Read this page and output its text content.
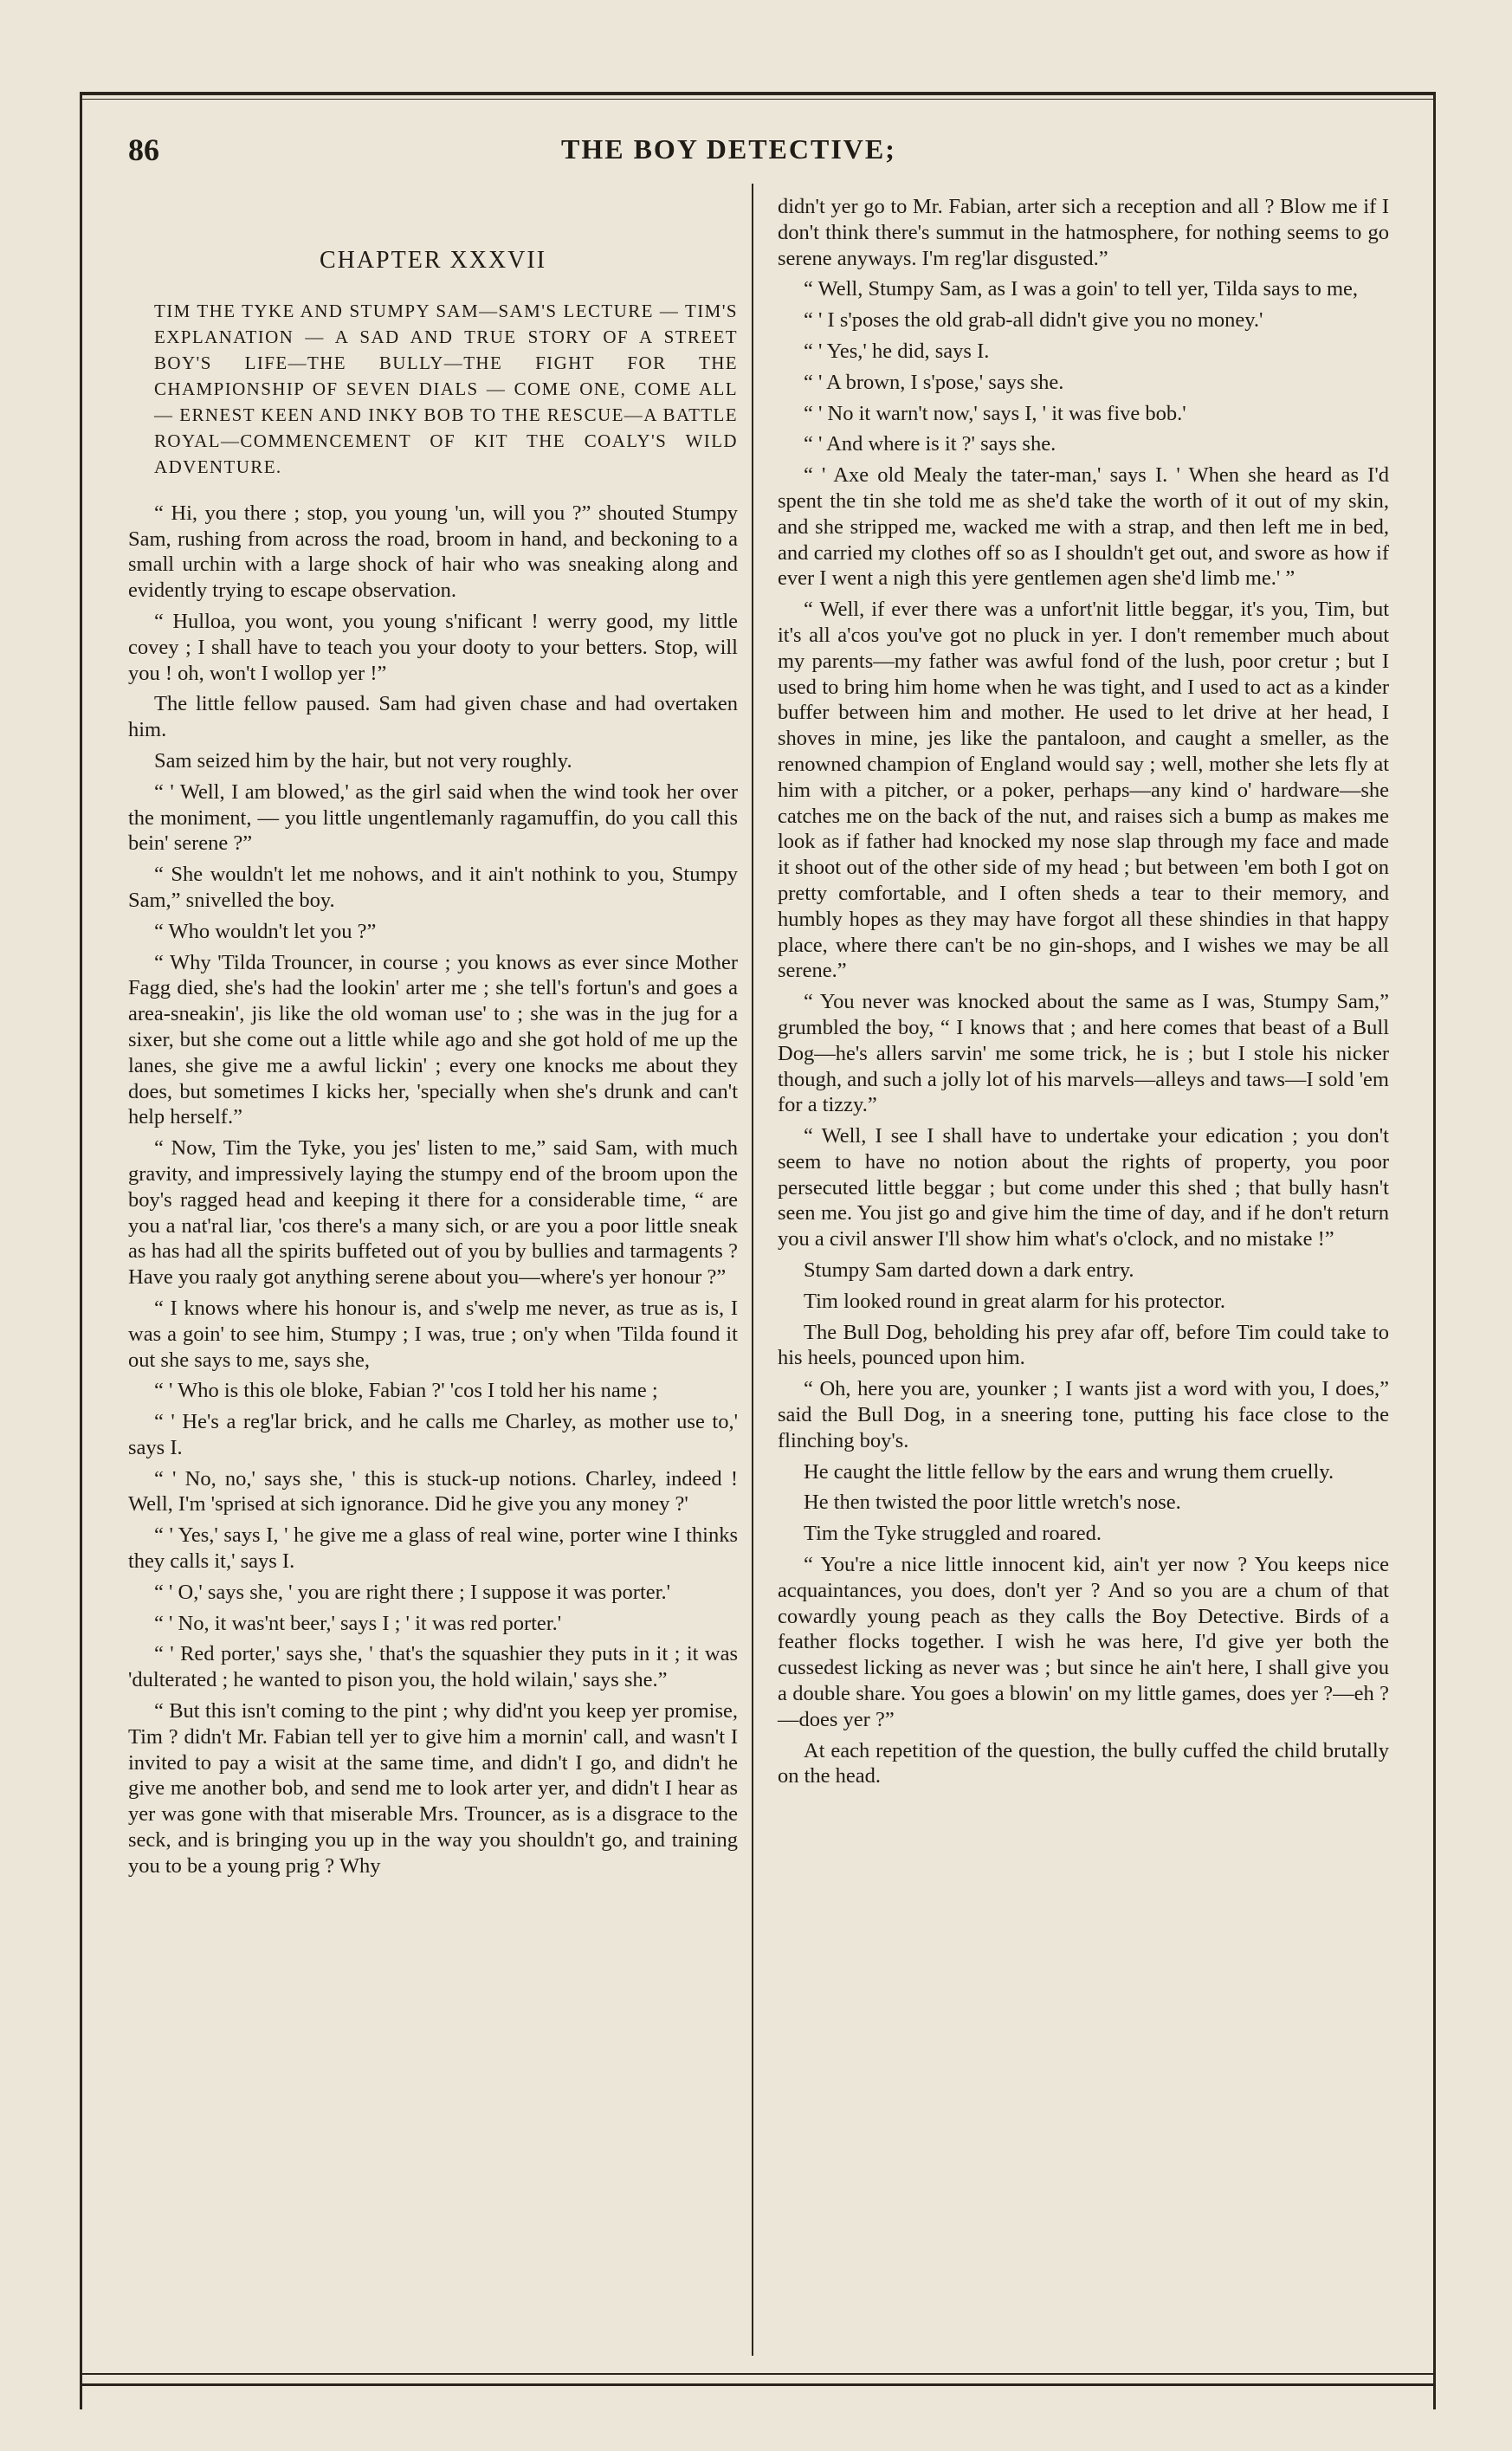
86	THE BOY DETECTIVE;
CHAPTER XXXVII
TIM THE TYKE AND STUMPY SAM—SAM'S LECTURE — TIM'S EXPLANATION — A SAD AND TRUE STORY OF A STREET BOY'S LIFE—THE BULLY—THE FIGHT FOR THE CHAMPIONSHIP OF SEVEN DIALS — COME ONE, COME ALL — ERNEST KEEN AND INKY BOB TO THE RESCUE—A BATTLE ROYAL—COMMENCEMENT OF KIT THE COALY'S WILD ADVENTURE.

“ Hi, you there ; stop, you young 'un, will you ?” shouted Stumpy Sam, rushing from across the road, broom in hand, and beckoning to a small urchin with a large shock of hair who was sneaking along and evidently trying to escape observation.

“ Hulloa, you wont, you young s'nificant ! werry good, my little covey ; I shall have to teach you your dooty to your betters. Stop, will you ! oh, won't I wollop yer !”

The little fellow paused. Sam had given chase and had overtaken him.

Sam seized him by the hair, but not very roughly.

“ ' Well, I am blowed,' as the girl said when the wind took her over the moniment, — you little ungentlemanly ragamuffin, do you call this bein' serene ?”

“ She wouldn't let me nohows, and it ain't nothink to you, Stumpy Sam,” snivelled the boy.

“ Who wouldn't let you ?”

“ Why 'Tilda Trouncer, in course ; you knows as ever since Mother Fagg died, she's had the lookin' arter me ; she tell's fortun's and goes a area-sneakin', jis like the old woman use' to ; she was in the jug for a sixer, but she come out a little while ago and she got hold of me up the lanes, she give me a awful lickin' ; every one knocks me about they does, but sometimes I kicks her, 'specially when she's drunk and can't help herself.”

“ Now, Tim the Tyke, you jes' listen to me,” said Sam, with much gravity, and impressively laying the stumpy end of the broom upon the boy's ragged head and keeping it there for a considerable time, “ are you a nat'ral liar, 'cos there's a many sich, or are you a poor little sneak as has had all the spirits buffeted out of you by bullies and tarmagents ? Have you raaly got anything serene about you—where's yer honour ?”

“ I knows where his honour is, and s'welp me never, as true as is, I was a goin' to see him, Stumpy ; I was, true ; on'y when 'Tilda found it out she says to me, says she,

“ ' Who is this ole bloke, Fabian ?' 'cos I told her his name ;

“ ' He's a reg'lar brick, and he calls me Charley, as mother use to,' says I.

“ ' No, no,' says she, ' this is stuck-up notions. Charley, indeed ! Well, I'm 'sprised at sich ignorance. Did he give you any money ?'

“ ' Yes,' says I, ' he give me a glass of real wine, porter wine I thinks they calls it,' says I.

“ ' O,' says she, ' you are right there ; I suppose it was porter.'

“ ' No, it was'nt beer,' says I ; ' it was red porter.'

“ ' Red porter,' says she, ' that's the squashier they puts in it ; it was 'dulterated ; he wanted to pison you, the hold wilain,' says she.”

“ But this isn't coming to the pint ; why did'nt you keep yer promise, Tim ? didn't Mr. Fabian tell yer to give him a mornin' call, and wasn't I invited to pay a wisit at the same time, and didn't I go, and didn't he give me another bob, and send me to look arter yer, and didn't I hear as yer was gone with that miserable Mrs. Trouncer, as is a disgrace to the seck, and is bringing you up in the way you shouldn't go, and training you to be a young prig ? Why

didn't yer go to Mr. Fabian, arter sich a reception and all ? Blow me if I don't think there's summut in the hatmosphere, for nothing seems to go serene anyways. I'm reg'lar disgusted.”

“ Well, Stumpy Sam, as I was a goin' to tell yer, Tilda says to me,

“ ' I s'poses the old grab-all didn't give you no money.'

“ ' Yes,' he did, says I.

“ ' A brown, I s'pose,' says she.

“ ' No it warn't now,' says I, ' it was five bob.'

“ ' And where is it ?' says she.

“ ' Axe old Mealy the tater-man,' says I. ' When she heard as I'd spent the tin she told me as she'd take the worth of it out of my skin, and she stripped me, wacked me with a strap, and then left me in bed, and carried my clothes off so as I shouldn't get out, and swore as how if ever I went a nigh this yere gentlemen agen she'd limb me.' ”

“ Well, if ever there was a unfort'nit little beggar, it's you, Tim, but it's all a'cos you've got no pluck in yer. I don't remember much about my parents—my father was awful fond of the lush, poor cretur ; but I used to bring him home when he was tight, and I used to act as a kinder buffer between him and mother. He used to let drive at her head, I shoves in mine, jes like the pantaloon, and caught a smeller, as the renowned champion of England would say ; well, mother she lets fly at him with a pitcher, or a poker, perhaps—any kind o' hardware—she catches me on the back of the nut, and raises sich a bump as makes me look as if father had knocked my nose slap through my face and made it shoot out of the other side of my head ; but between 'em both I got on pretty comfortable, and I often sheds a tear to their memory, and humbly hopes as they may have forgot all these shindies in that happy place, where there can't be no gin-shops, and I wishes we may be all serene.”

“ You never was knocked about the same as I was, Stumpy Sam,” grumbled the boy, “ I knows that ; and here comes that beast of a Bull Dog—he's allers sarvin' me some trick, he is ; but I stole his nicker though, and such a jolly lot of his marvels—alleys and taws—I sold 'em for a tizzy.”

“ Well, I see I shall have to undertake your edication ; you don't seem to have no notion about the rights of property, you poor persecuted little beggar ; but come under this shed ; that bully hasn't seen me. You jist go and give him the time of day, and if he don't return you a civil answer I'll show him what's o'clock, and no mistake !”

Stumpy Sam darted down a dark entry.

Tim looked round in great alarm for his protector.

The Bull Dog, beholding his prey afar off, before Tim could take to his heels, pounced upon him.

“ Oh, here you are, younker ; I wants jist a word with you, I does,” said the Bull Dog, in a sneering tone, putting his face close to the flinching boy's.

He caught the little fellow by the ears and wrung them cruelly.

He then twisted the poor little wretch's nose.

Tim the Tyke struggled and roared.

“ You're a nice little innocent kid, ain't yer now ? You keeps nice acquaintances, you does, don't yer ? And so you are a chum of that cowardly young peach as they calls the Boy Detective. Birds of a feather flocks together. I wish he was here, I'd give yer both the cussedest licking as never was ; but since he ain't here, I shall give you a double share. You goes a blowin' on my little games, does yer ?—eh ?—does yer ?”

At each repetition of the question, the bully cuffed the child brutally on the head.
